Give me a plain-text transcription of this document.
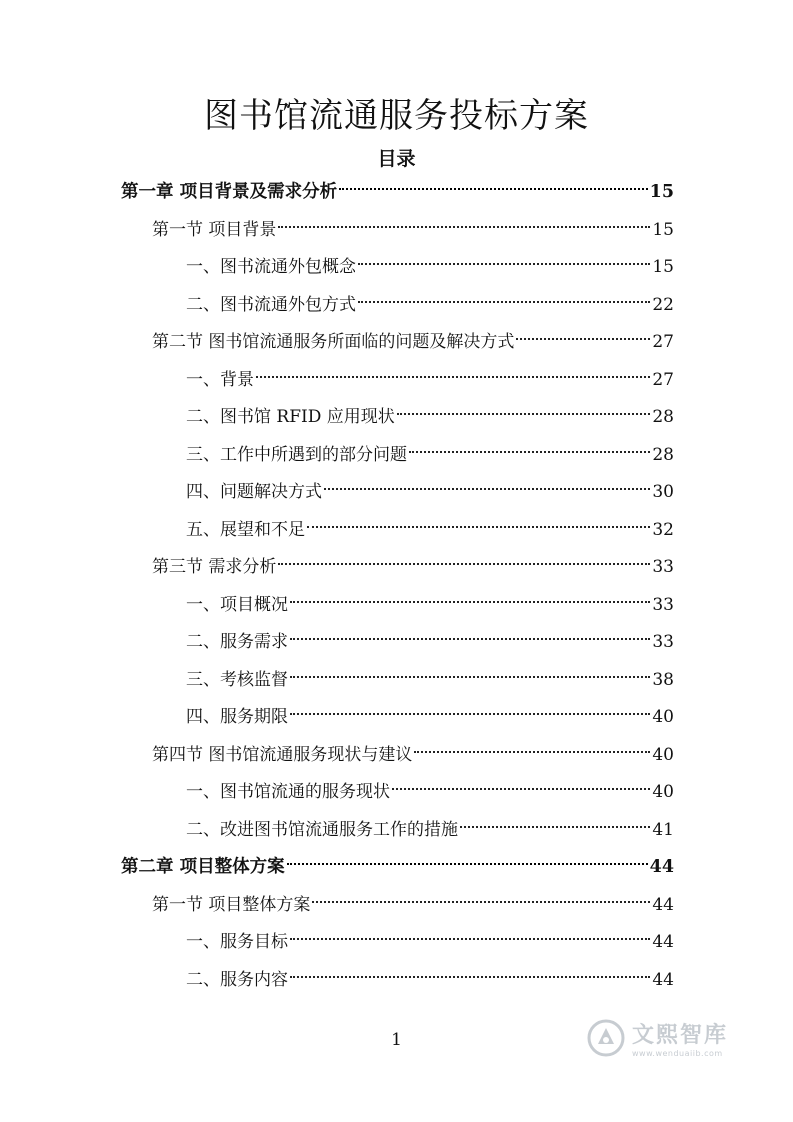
图书馆流通服务投标方案
目录
第一章 项目背景及需求分析	15
第一节 项目背景	15
一、图书流通外包概念	15
二、图书流通外包方式	22
第二节 图书馆流通服务所面临的问题及解决方式	27
一、背景	27
二、图书馆 RFID 应用现状	28
三、工作中所遇到的部分问题	28
四、问题解决方式	30
五、展望和不足	32
第三节 需求分析	33
一、项目概况	33
二、服务需求	33
三、考核监督	38
四、服务期限	40
第四节 图书馆流通服务现状与建议	40
一、图书馆流通的服务现状	40
二、改进图书馆流通服务工作的措施	41
第二章 项目整体方案	44
第一节 项目整体方案	44
一、服务目标	44
二、服务内容	44
1	文熙智库
www.wenduaiib.com
